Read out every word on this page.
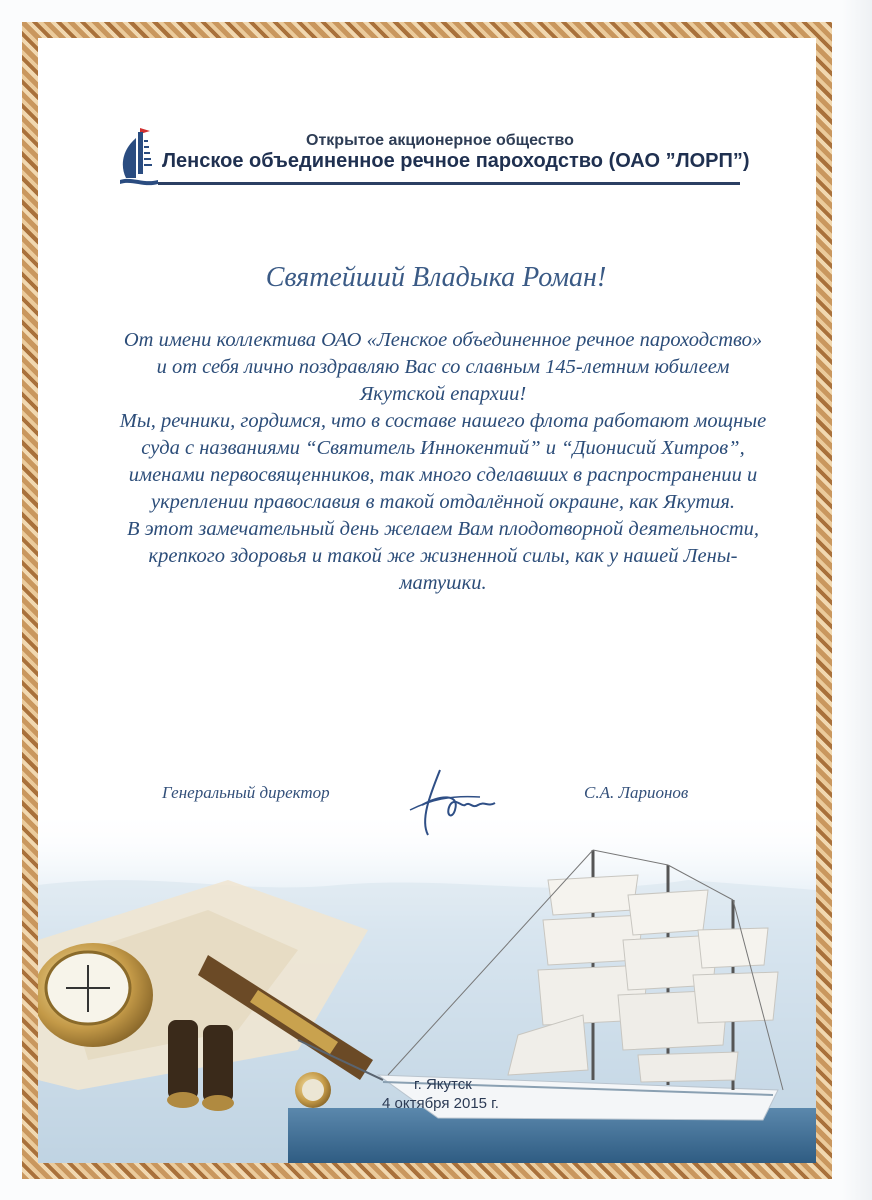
Открытое акционерное общество
Ленское объединенное речное пароходство (ОАО ”ЛОРП”)
Святейший Владыка Роман!

От имени коллектива ОАО «Ленское объединенное речное пароходство» и от себя лично поздравляю Вас со славным 145-летним юбилеем Якутской епархии!

Мы, речники, гордимся, что в составе нашего флота работают мощные суда с названиями “Святитель Иннокентий” и “Дионисий Хитров”, именами первосвященников, так много сделавших в распространении и укреплении православия в такой отдалённой окраине, как Якутия.

В этот замечательный день желаем Вам плодотворной деятельности, крепкого здоровья и такой же жизненной силы, как у нашей Лены-матушки.

Генеральный директор	С.А. Ларионов
г. Якутск
4 октября 2015 г.
